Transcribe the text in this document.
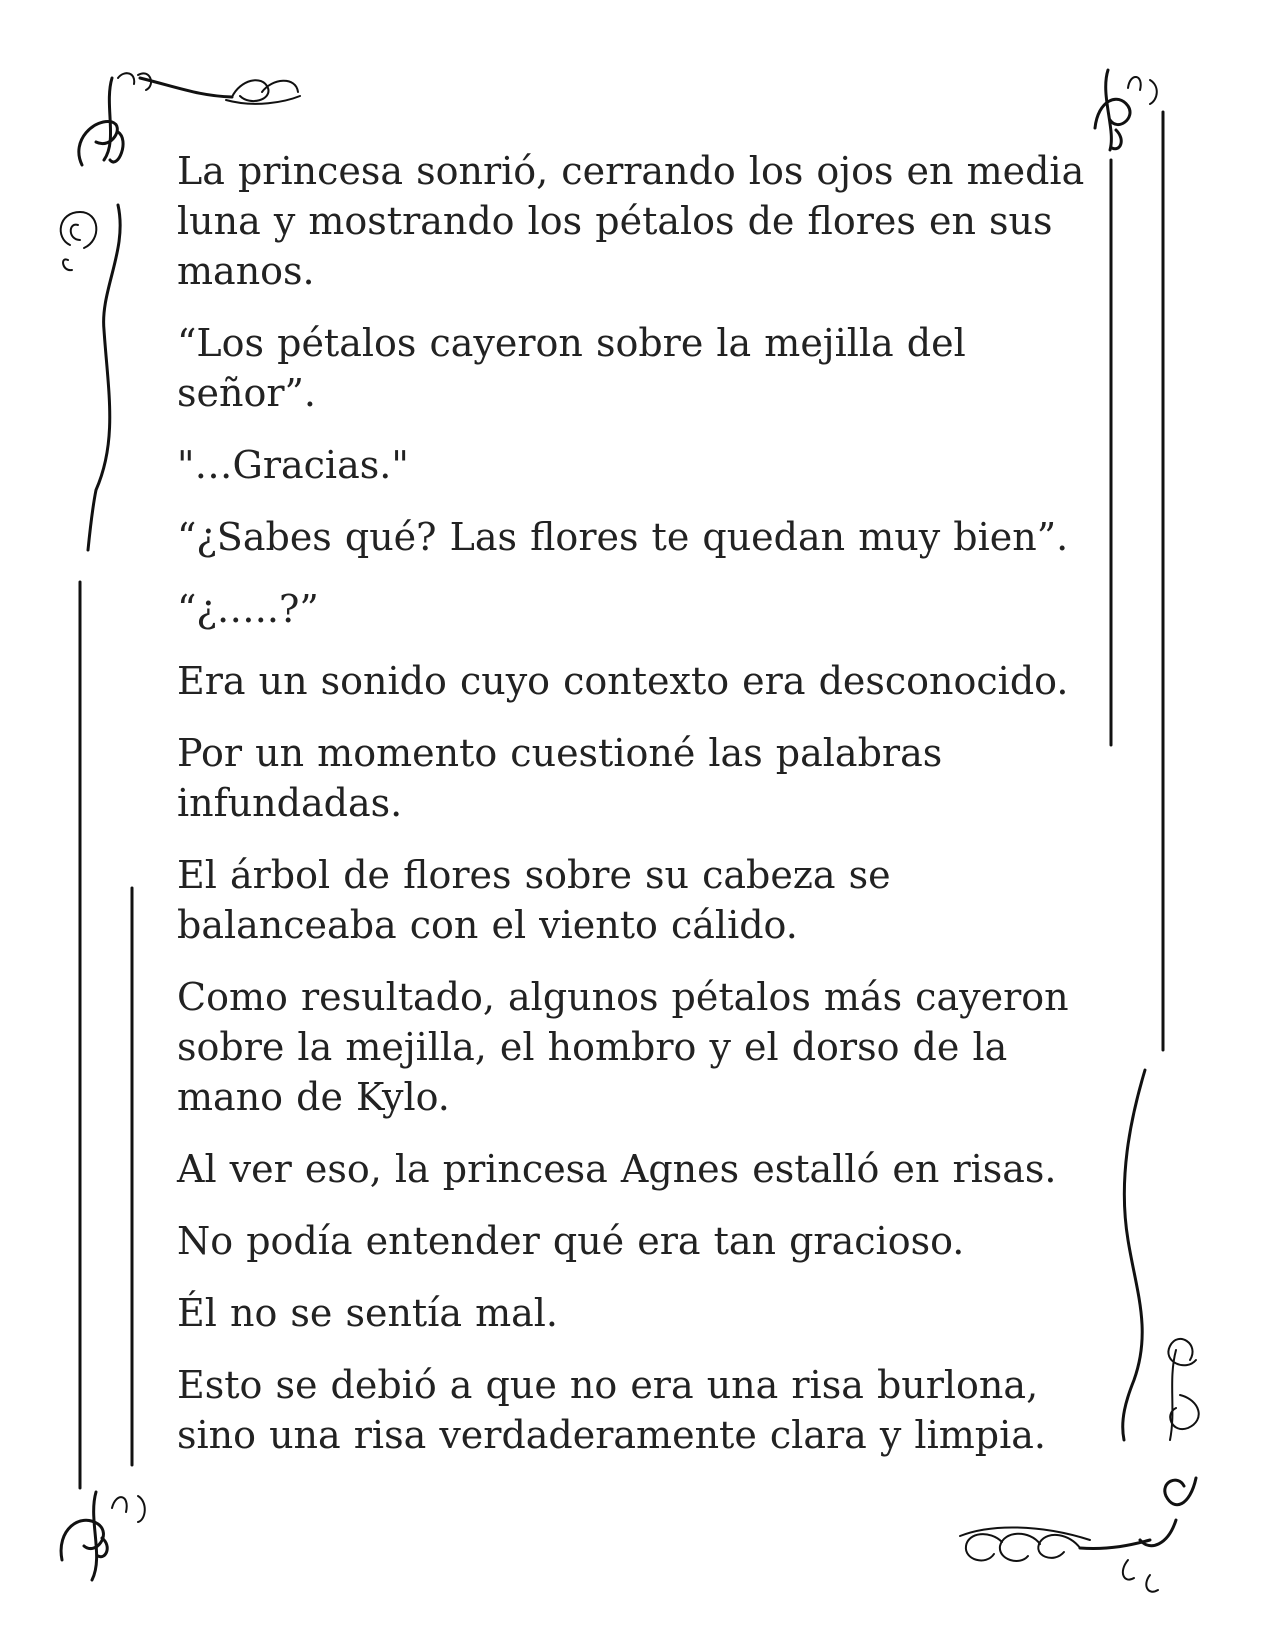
La princesa sonrió, cerrando los ojos en media luna y mostrando los pétalos de flores en sus manos.

“Los pétalos cayeron sobre la mejilla del señor”.

"…Gracias."

“¿Sabes qué? Las flores te quedan muy bien”.

“¿…..?”

Era un sonido cuyo contexto era desconocido.

Por un momento cuestioné las palabras infundadas.

El árbol de flores sobre su cabeza se balanceaba con el viento cálido.

Como resultado, algunos pétalos más cayeron sobre la mejilla, el hombro y el dorso de la mano de Kylo.

Al ver eso, la princesa Agnes estalló en risas.

No podía entender qué era tan gracioso.

Él no se sentía mal.

Esto se debió a que no era una risa burlona, sino una risa verdaderamente clara y limpia.
